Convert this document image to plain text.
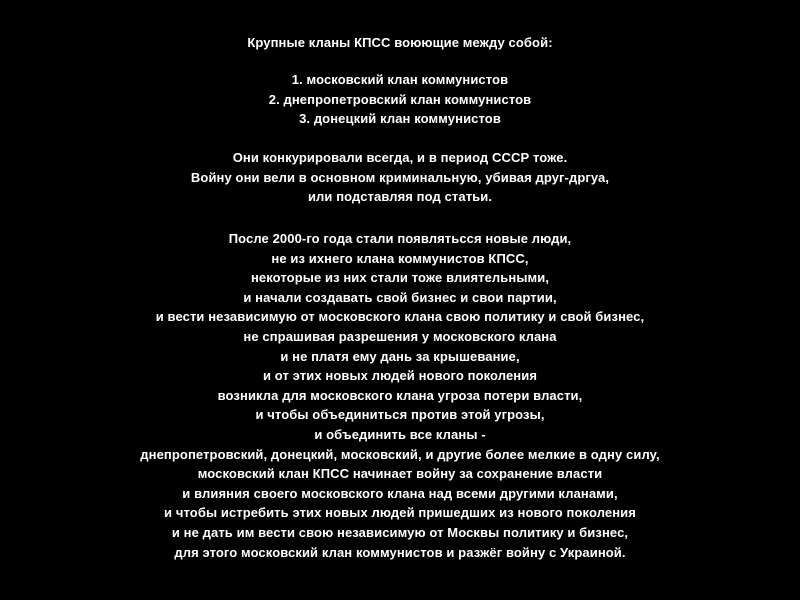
Крупные кланы КПСС воюющие между собой:
1. московский клан коммунистов
2. днепропетровский клан коммунистов
3. донецкий клан коммунистов
Они конкурировали всегда, и в период СССР тоже.
Войну они вели в основном криминальную, убивая друг-дргуа,
или подставляя под статьи.
После 2000-го года стали появлятьсся новые люди,
не из ихнего клана коммунистов КПСС,
некоторые из них стали тоже влиятельными,
и начали создавать свой бизнес и свои партии,
и вести независимую от московского клана свою политику и свой бизнес,
не спрашивая разрешения у московского клана
и не платя ему дань за крышевание,
и от этих новых людей нового поколения
возникла для московского клана угроза потери власти,
и чтобы объединиться против этой угрозы,
и объединить все кланы -
днепропетровский, донецкий, московский, и другие более мелкие в одну силу,
московский клан КПСС начинает войну за сохранение власти
и влияния своего московского клана над всеми другими кланами,
и чтобы истребить этих новых людей пришедших из нового поколения
и не дать им вести свою независимую от Москвы политику и бизнес,
для этого московский клан коммунистов и разжёг войну с Украиной.
